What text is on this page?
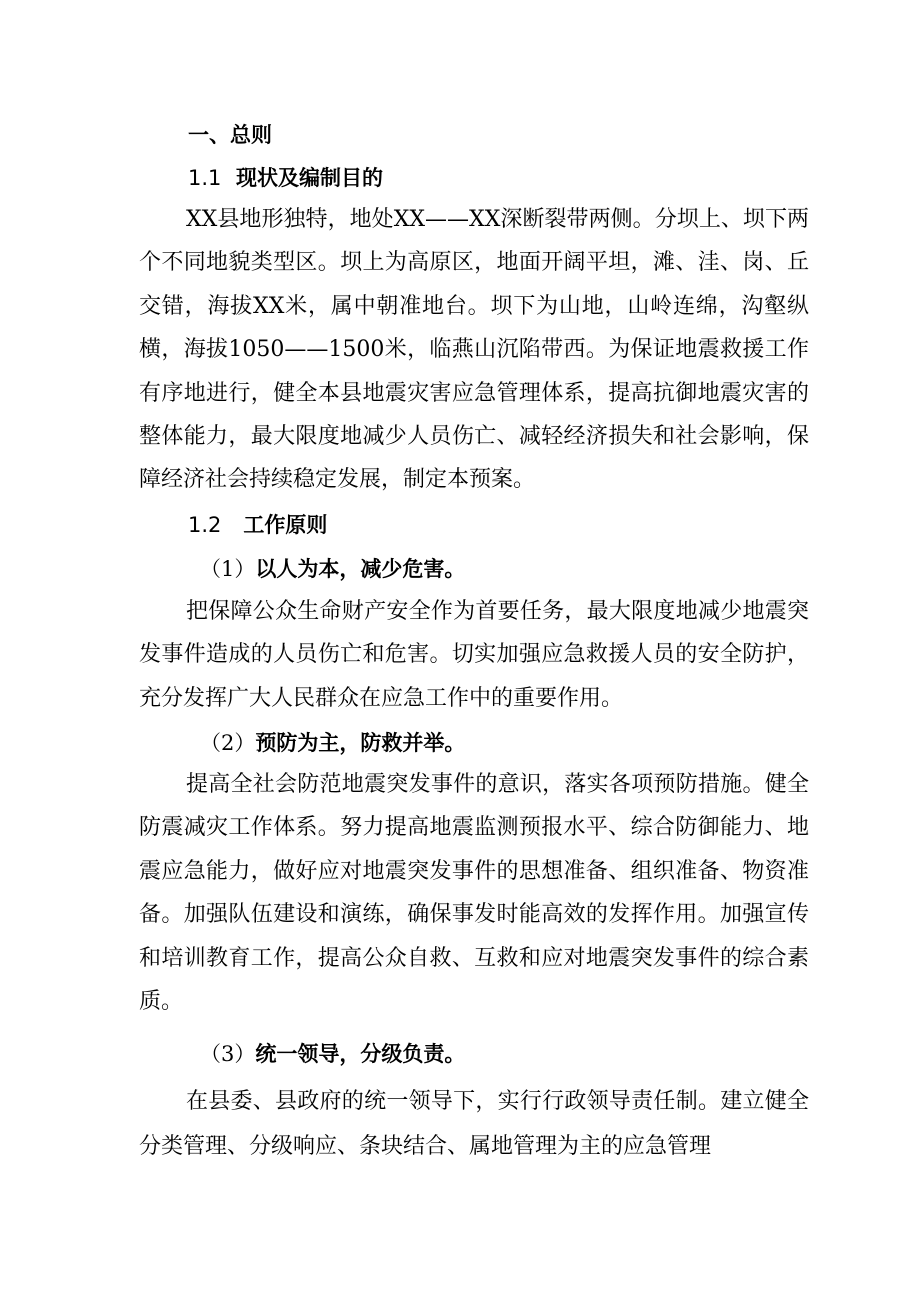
一、总则
1.1 现状及编制目的

XX县地形独特，地处XX——XX深断裂带两侧。分坝上、坝下两个不同地貌类型区。坝上为高原区，地面开阔平坦，滩、洼、岗、丘交错，海拔XX米，属中朝准地台。坝下为山地，山岭连绵，沟壑纵横，海拔1050——1500米，临燕山沉陷带西。为保证地震救援工作有序地进行，健全本县地震灾害应急管理体系，提高抗御地震灾害的整体能力，最大限度地减少人员伤亡、减轻经济损失和社会影响，保障经济社会持续稳定发展，制定本预案。

1.2 工作原则
（1）以人为本，减少危害。

把保障公众生命财产安全作为首要任务，最大限度地减少地震突发事件造成的人员伤亡和危害。切实加强应急救援人员的安全防护，充分发挥广大人民群众在应急工作中的重要作用。

（2）预防为主，防救并举。

提高全社会防范地震突发事件的意识，落实各项预防措施。健全防震减灾工作体系。努力提高地震监测预报水平、综合防御能力、地震应急能力，做好应对地震突发事件的思想准备、组织准备、物资准备。加强队伍建设和演练，确保事发时能高效的发挥作用。加强宣传和培训教育工作，提高公众自救、互救和应对地震突发事件的综合素质。

（3）统一领导，分级负责。

在县委、县政府的统一领导下，实行行政领导责任制。建立健全分类管理、分级响应、条块结合、属地管理为主的应急管理
